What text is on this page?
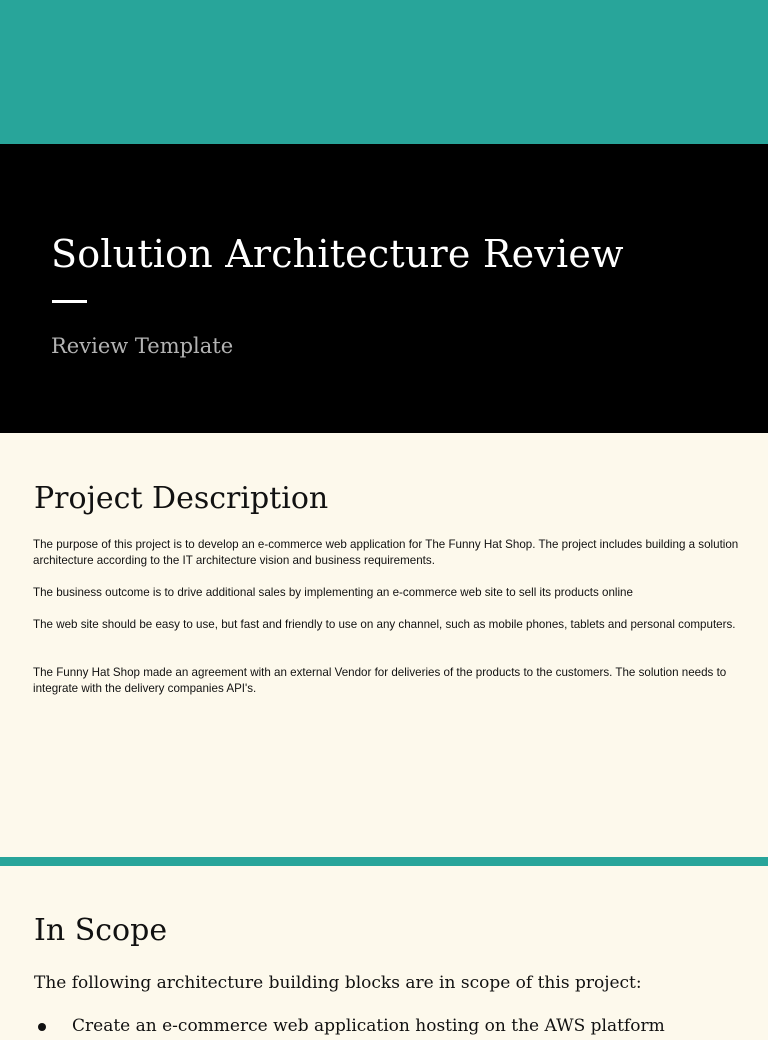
Solution Architecture Review

Review Template

Project Description

The purpose of this project is to develop an e-commerce web application for The Funny Hat Shop. The project includes building a solution architecture according to the IT architecture vision and business requirements.

The business outcome is to drive additional sales by implementing an e-commerce web site to sell its products online

The web site should be easy to use, but fast and friendly to use on any channel, such as mobile phones, tablets and personal computers.

The Funny Hat Shop made an agreement with an external Vendor for deliveries of the products to the customers. The solution needs to integrate with the delivery companies API's.

In Scope

The following architecture building blocks are in scope of this project:

Create an e-commerce web application hosting on the AWS platform
